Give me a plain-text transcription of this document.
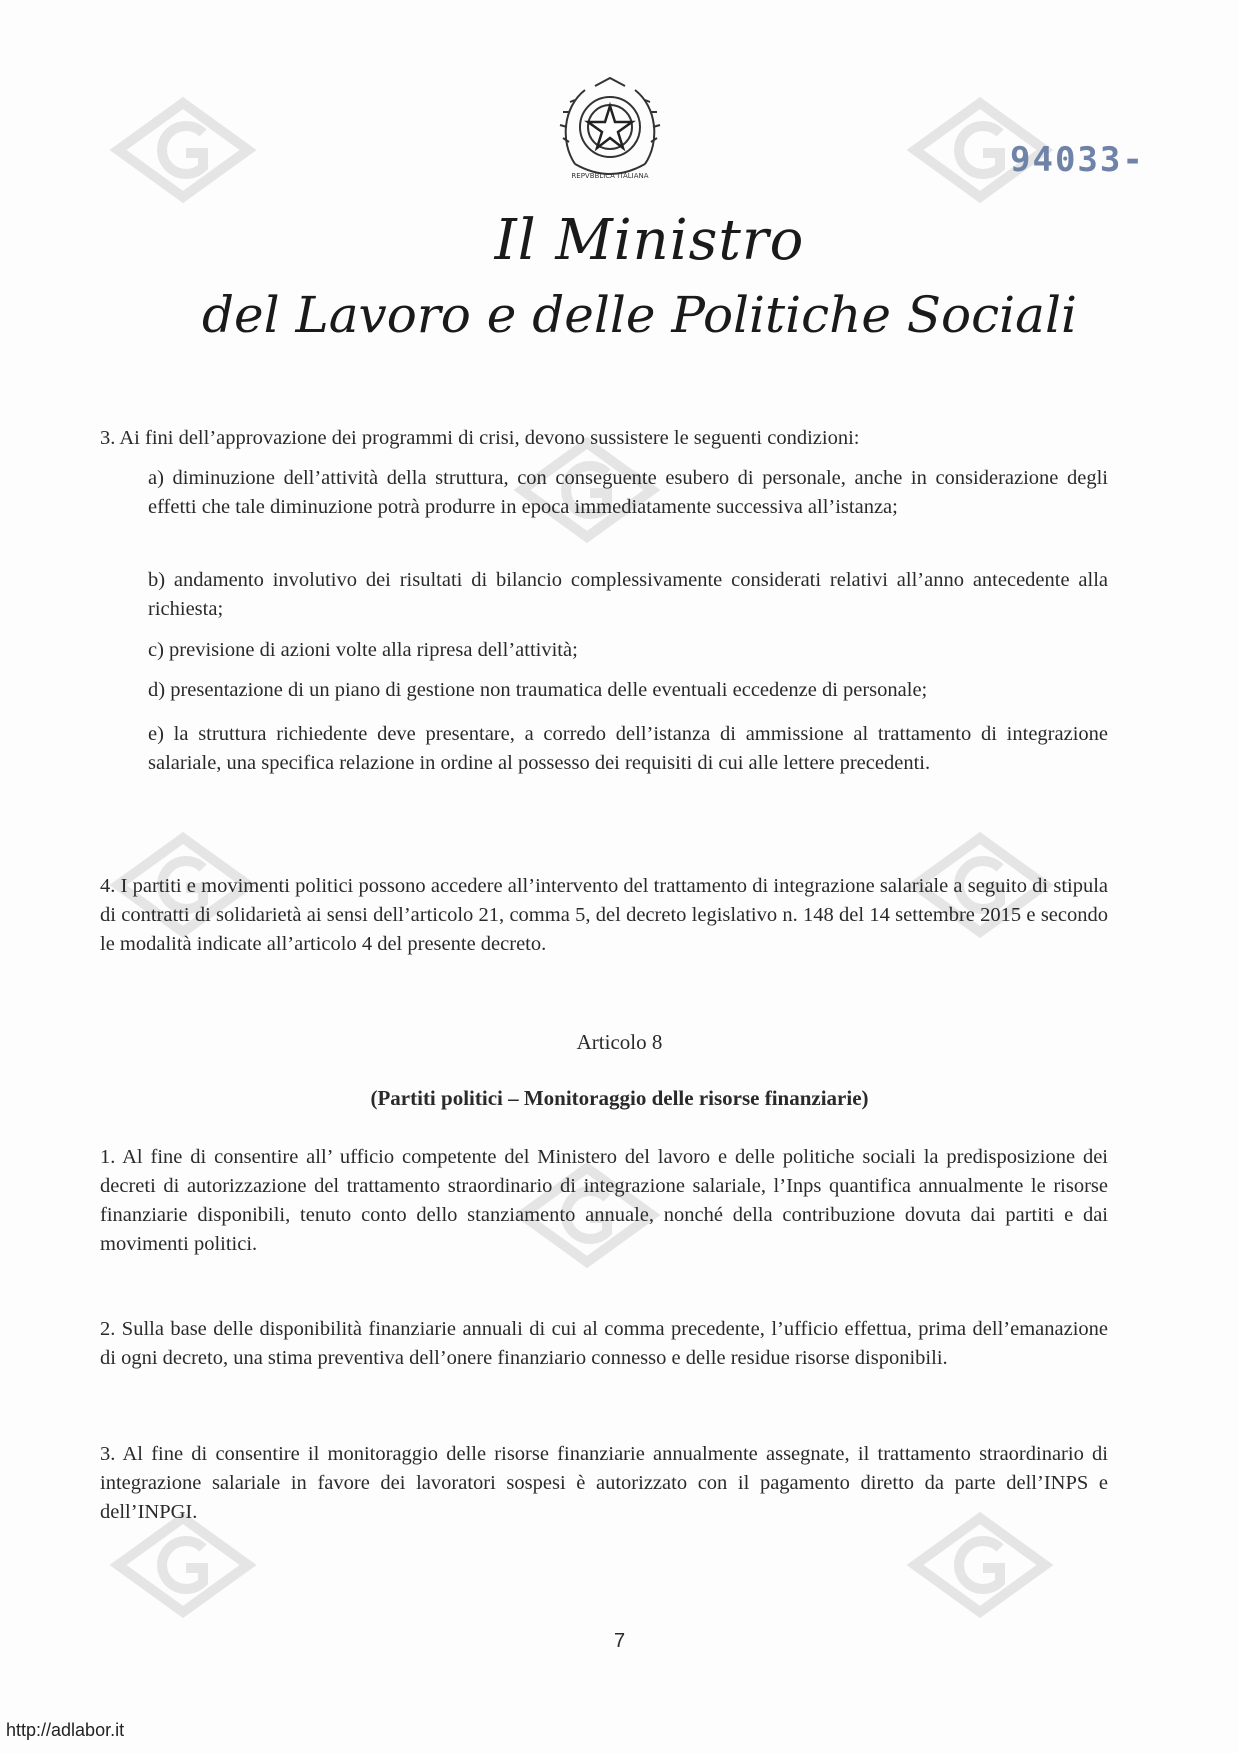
REPVBBLICA ITALIANA
Il Ministro
del Lavoro e delle Politiche Sociali
94033-
3. Ai fini dell’approvazione dei programmi di crisi, devono sussistere le seguenti condizioni:
a) diminuzione dell’attività della struttura, con conseguente esubero di personale, anche in considerazione degli effetti che tale diminuzione potrà produrre in epoca immediatamente successiva all’istanza;
b) andamento involutivo dei risultati di bilancio complessivamente considerati relativi all’anno antecedente alla richiesta;
c) previsione di azioni volte alla ripresa dell’attività;
d) presentazione di un piano di gestione non traumatica delle eventuali eccedenze di personale;
e) la struttura richiedente deve presentare, a corredo dell’istanza di ammissione al trattamento di integrazione salariale, una specifica relazione in ordine al possesso dei requisiti di cui alle lettere precedenti.
4. I partiti e movimenti politici possono accedere all’intervento del trattamento di integrazione salariale a seguito di stipula di contratti di solidarietà ai sensi dell’articolo 21, comma 5, del decreto legislativo n. 148 del 14 settembre 2015 e secondo le modalità indicate all’articolo 4 del presente decreto.
Articolo 8
(Partiti politici – Monitoraggio delle risorse finanziarie)
1. Al fine di consentire all’ ufficio competente del Ministero del lavoro e delle politiche sociali la predisposizione dei decreti di autorizzazione del trattamento straordinario di integrazione salariale, l’Inps quantifica annualmente le risorse finanziarie disponibili, tenuto conto dello stanziamento annuale, nonché della contribuzione dovuta dai partiti e dai movimenti politici.
2. Sulla base delle disponibilità finanziarie annuali di cui al comma precedente, l’ufficio effettua, prima dell’emanazione di ogni decreto, una stima preventiva dell’onere finanziario connesso e delle residue risorse disponibili.
3. Al fine di consentire il monitoraggio delle risorse finanziarie annualmente assegnate, il trattamento straordinario di integrazione salariale in favore dei lavoratori sospesi è autorizzato con il pagamento diretto da parte dell’INPS e dell’INPGI.
7
http://adlabor.it
